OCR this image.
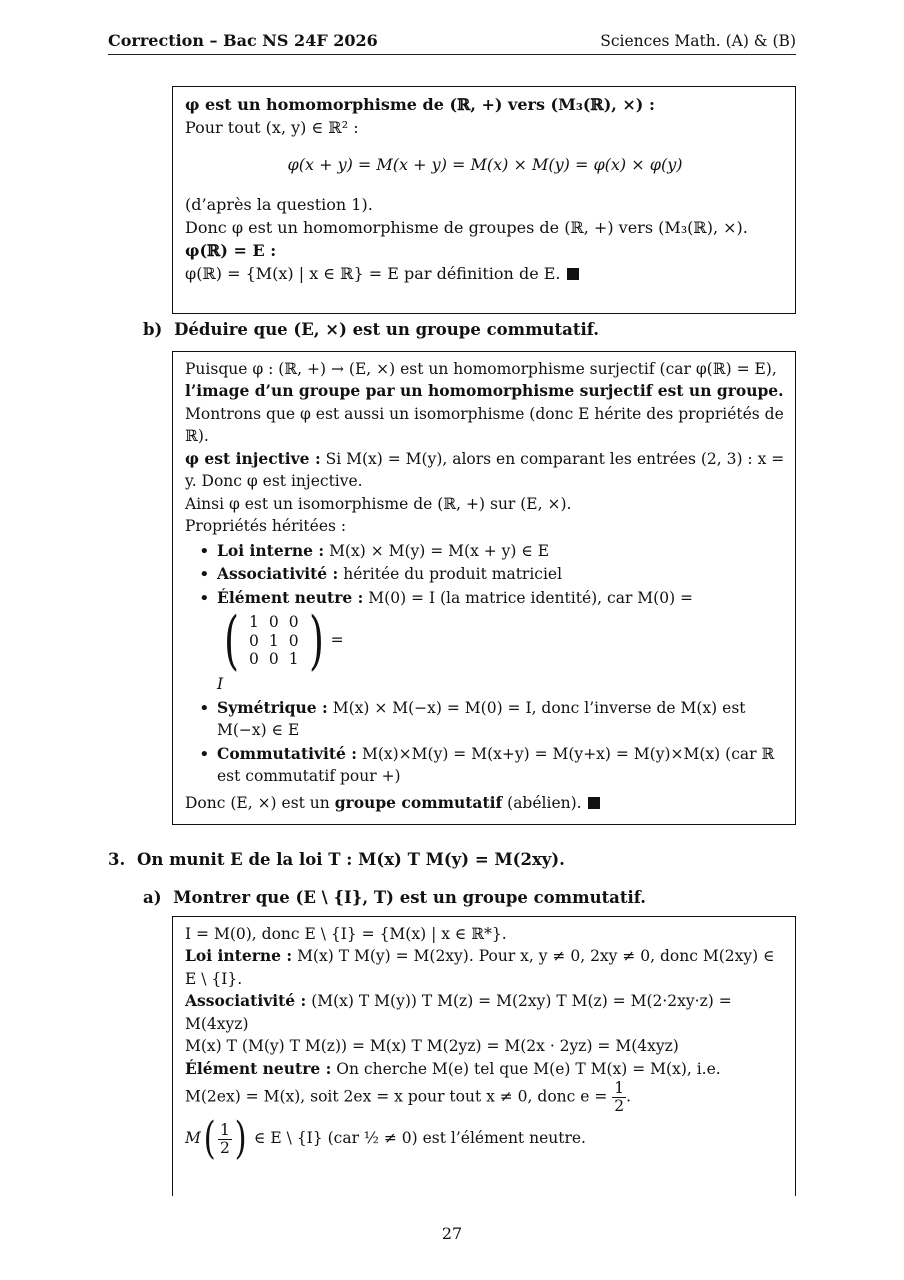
Correction – Bac NS 24F 2026	Sciences Math. (A) & (B)

φ est un homomorphisme de (ℝ, +) vers (M₃(ℝ), ×) :

Pour tout (x, y) ∈ ℝ² :

φ(x + y) = M(x + y) = M(x) × M(y) = φ(x) × φ(y)

(d’après la question 1).

Donc φ est un homomorphisme de groupes de (ℝ, +) vers (M₃(ℝ), ×).

φ(ℝ) = E :

φ(ℝ) = {M(x) | x ∈ ℝ} = E par définition de E.

b) Déduire que (E, ×) est un groupe commutatif.

Puisque φ : (ℝ, +) → (E, ×) est un homomorphisme surjectif (car φ(ℝ) = E),

l’image d’un groupe par un homomorphisme surjectif est un groupe.

Montrons que φ est aussi un isomorphisme (donc E hérite des propriétés de ℝ).

φ est injective : Si M(x) = M(y), alors en comparant les entrées (2, 3) : x = y. Donc φ est injective.

Ainsi φ est un isomorphisme de (ℝ, +) sur (E, ×).

Propriétés héritées :

• Loi interne : M(x) × M(y) = M(x + y) ∈ E
• Associativité : héritée du produit matriciel
• Élément neutre : M(0) = I (la matrice identité), car M(0) = ( 1	0	0
0	1	0
0	0	1 ) =
I
• Symétrique : M(x) × M(−x) = M(0) = I, donc l’inverse de M(x) est M(−x) ∈ E
• Commutativité : M(x)×M(y) = M(x+y) = M(y+x) = M(y)×M(x) (car ℝ est commutatif pour +)

Donc (E, ×) est un groupe commutatif (abélien).

3. On munit E de la loi T : M(x) T M(y) = M(2xy).
a) Montrer que (E \ {I}, T) est un groupe commutatif.

I = M(0), donc E \ {I} = {M(x) | x ∈ ℝ*}.

Loi interne : M(x) T M(y) = M(2xy). Pour x, y ≠ 0, 2xy ≠ 0, donc M(2xy) ∈ E \ {I}.

Associativité : (M(x) T M(y)) T M(z) = M(2xy) T M(z) = M(2·2xy·z) = M(4xyz)

M(x) T (M(y) T M(z)) = M(x) T M(2yz) = M(2x · 2yz) = M(4xyz)

Élément neutre : On cherche M(e) tel que M(e) T M(x) = M(x), i.e.

M(2ex) = M(x), soit 2ex = x pour tout x ≠ 0, donc $e = \frac{1}{2}$ .

$M( \frac{1}{2}$ ) ∈ E \ {I} (car ½ ≠ 0) est l’élément neutre.

27
